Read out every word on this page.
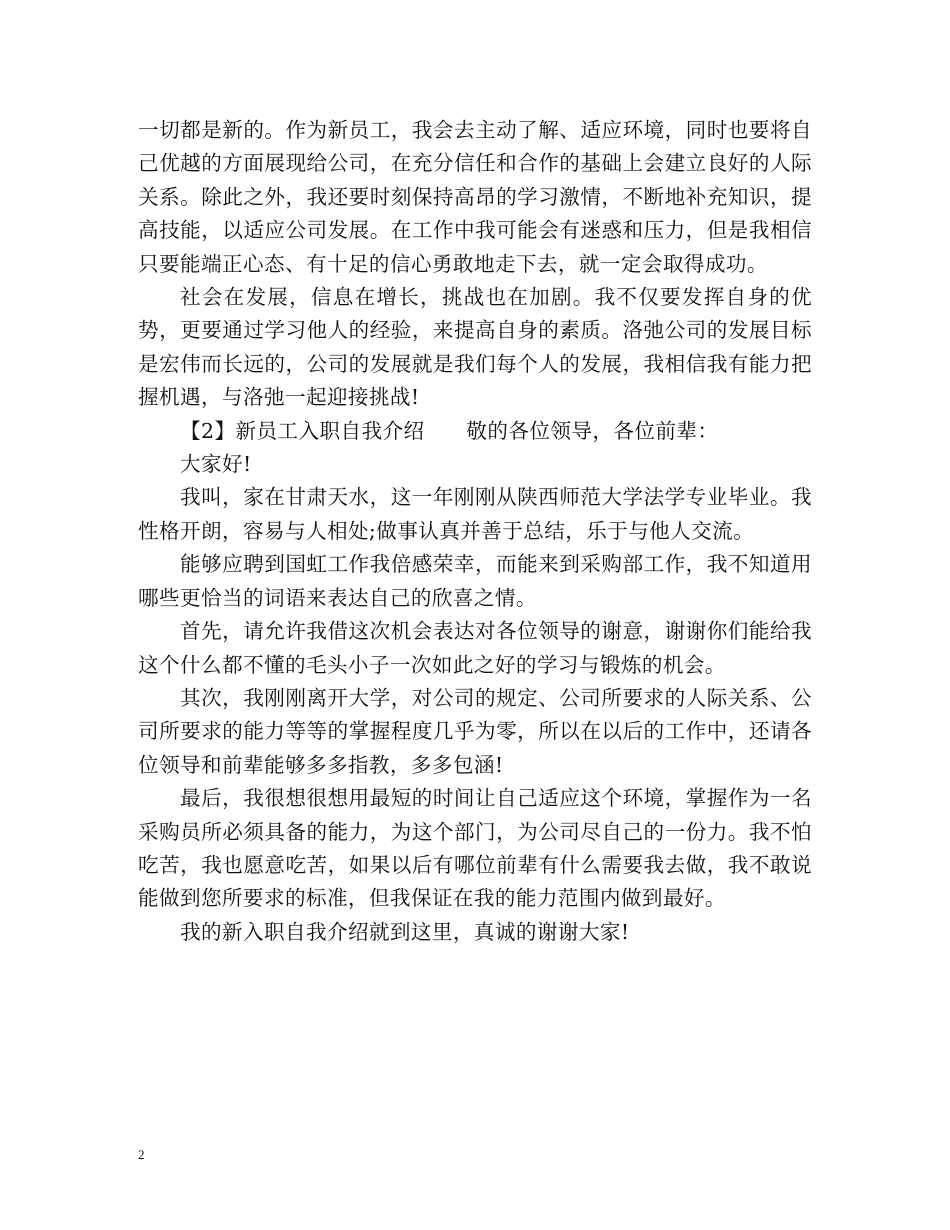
一切都是新的。作为新员工，我会去主动了解、适应环境，同时也要将自己优越的方面展现给公司，在充分信任和合作的基础上会建立良好的人际关系。除此之外，我还要时刻保持高昂的学习激情，不断地补充知识，提高技能，以适应公司发展。在工作中我可能会有迷惑和压力，但是我相信只要能端正心态、有十足的信心勇敢地走下去，就一定会取得成功。

社会在发展，信息在增长，挑战也在加剧。我不仅要发挥自身的优势，更要通过学习他人的经验，来提高自身的素质。洛弛公司的发展目标是宏伟而长远的，公司的发展就是我们每个人的发展，我相信我有能力把握机遇，与洛弛一起迎接挑战!

【2】新员工入职自我介绍　　敬的各位领导，各位前辈：

大家好!

我叫，家在甘肃天水，这一年刚刚从陕西师范大学法学专业毕业。我性格开朗，容易与人相处;做事认真并善于总结，乐于与他人交流。

能够应聘到国虹工作我倍感荣幸，而能来到采购部工作，我不知道用哪些更恰当的词语来表达自己的欣喜之情。

首先，请允许我借这次机会表达对各位领导的谢意，谢谢你们能给我这个什么都不懂的毛头小子一次如此之好的学习与锻炼的机会。

其次，我刚刚离开大学，对公司的规定、公司所要求的人际关系、公司所要求的能力等等的掌握程度几乎为零，所以在以后的工作中，还请各位领导和前辈能够多多指教，多多包涵!

最后，我很想很想用最短的时间让自己适应这个环境，掌握作为一名采购员所必须具备的能力，为这个部门，为公司尽自己的一份力。我不怕吃苦，我也愿意吃苦，如果以后有哪位前辈有什么需要我去做，我不敢说能做到您所要求的标准，但我保证在我的能力范围内做到最好。

我的新入职自我介绍就到这里，真诚的谢谢大家!

2
